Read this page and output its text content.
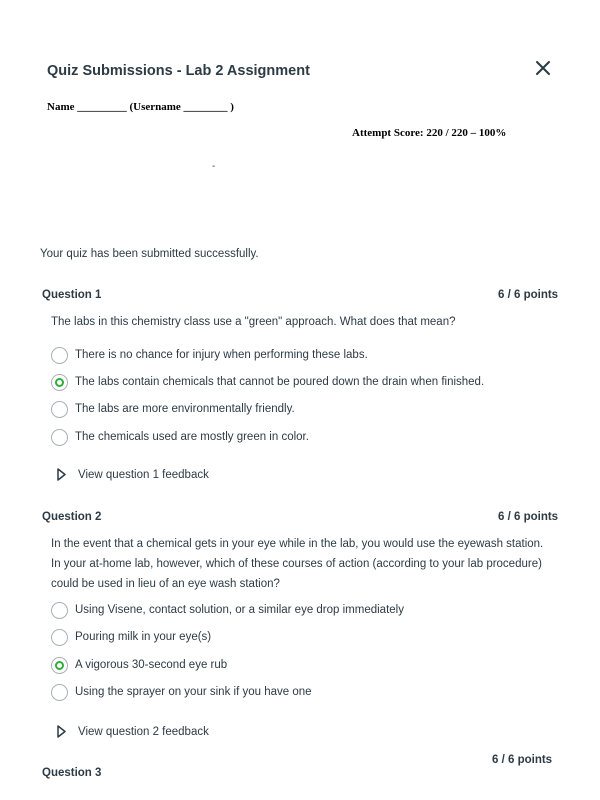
Quiz Submissions - Lab 2 Assignment
Name _________ (Username ________ )
Attempt Score: 220 / 220 – 100%
-
Your quiz has been submitted successfully.
Question 1	6 / 6 points
The labs in this chemistry class use a "green" approach. What does that mean?
There is no chance for injury when performing these labs.
The labs contain chemicals that cannot be poured down the drain when finished.
The labs are more environmentally friendly.
The chemicals used are mostly green in color.
View question 1 feedback
Question 2	6 / 6 points
In the event that a chemical gets in your eye while in the lab, you would use the eyewash station. In your at-home lab, however, which of these courses of action (according to your lab procedure) could be used in lieu of an eye wash station?
Using Visene, contact solution, or a similar eye drop immediately
Pouring milk in your eye(s)
A vigorous 30-second eye rub
Using the sprayer on your sink if you have one
View question 2 feedback
6 / 6 points
Question 3
